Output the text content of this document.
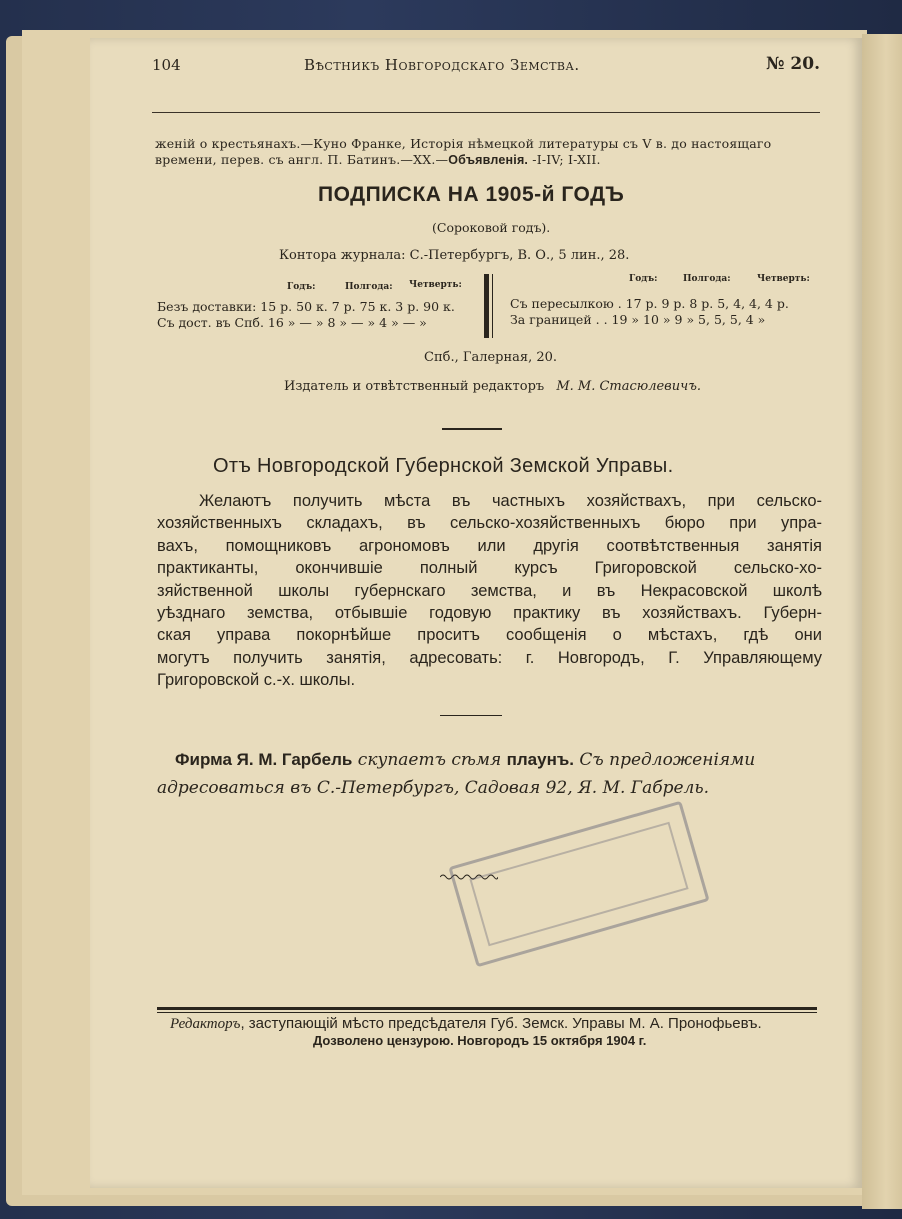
104	Вѣстникъ Новгородскаго Земства.	№ 20.
женій о крестьянахъ.—Куно Франке, Исторія нѣмецкой литературы съ V в. до настоящаго
времени, перев. съ англ. П. Батинъ.—XX.—Объявленія. -I-IV; I-XII.
ПОДПИСКА НА 1905-й ГОДЪ
(Сороковой годъ).
Контора журнала: С.-Петербургъ, В. О., 5 лин., 28.
Годъ:	Полгода: Четверть:
Безъ доставки: 15 р. 50 к. 7 р. 75 к. 3 р. 90 к.
Съ дост. въ Спб. 16 » — » 8 » — » 4 » — »
Годъ:	Полгода:	Четверть:
Съ пересылкою . 17 р. 9 р. 8 р. 5, 4, 4, 4 р.
За границей . . 19 » 10 » 9 » 5, 5, 5, 4 »
Спб., Галерная, 20.
Издатель и отвѣтственный редакторъ М. М. Стасюлевичъ.
Отъ Новгородской Губернской Земской Управы.
Желаютъ получить мѣста въ частныхъ хозяйствахъ, при сельско-
хозяйственныхъ складахъ, въ сельско-хозяйственныхъ бюро при упра-
вахъ, помощниковъ агрономовъ или другія соотвѣтственныя занятія
практиканты, окончившіе полный курсъ Григоровской сельско-хо-
зяйственной школы губернскаго земства, и въ Некрасовской школѣ
уѣзднаго земства, отбывшіе годовую практику въ хозяйствахъ. Губерн-
ская управа покорнѣйше проситъ сообщенія о мѣстахъ, гдѣ они
могутъ получить занятія, адресовать: г. Новгородъ, Г. Управляющему
Григоровской с.-х. школы.
Фирма Я. М. Гарбель скупаетъ сѣмя плаунъ. Съ предложеніями
адресоваться въ С.-Петербургъ, Садовая 92, Я. М. Габрель.
Редакторъ, заступающій мѣсто предсѣдателя Губ. Земск. Управы М. А. Пронофьевъ.
Дозволено цензурою. Новгородъ 15 октября 1904 г.
